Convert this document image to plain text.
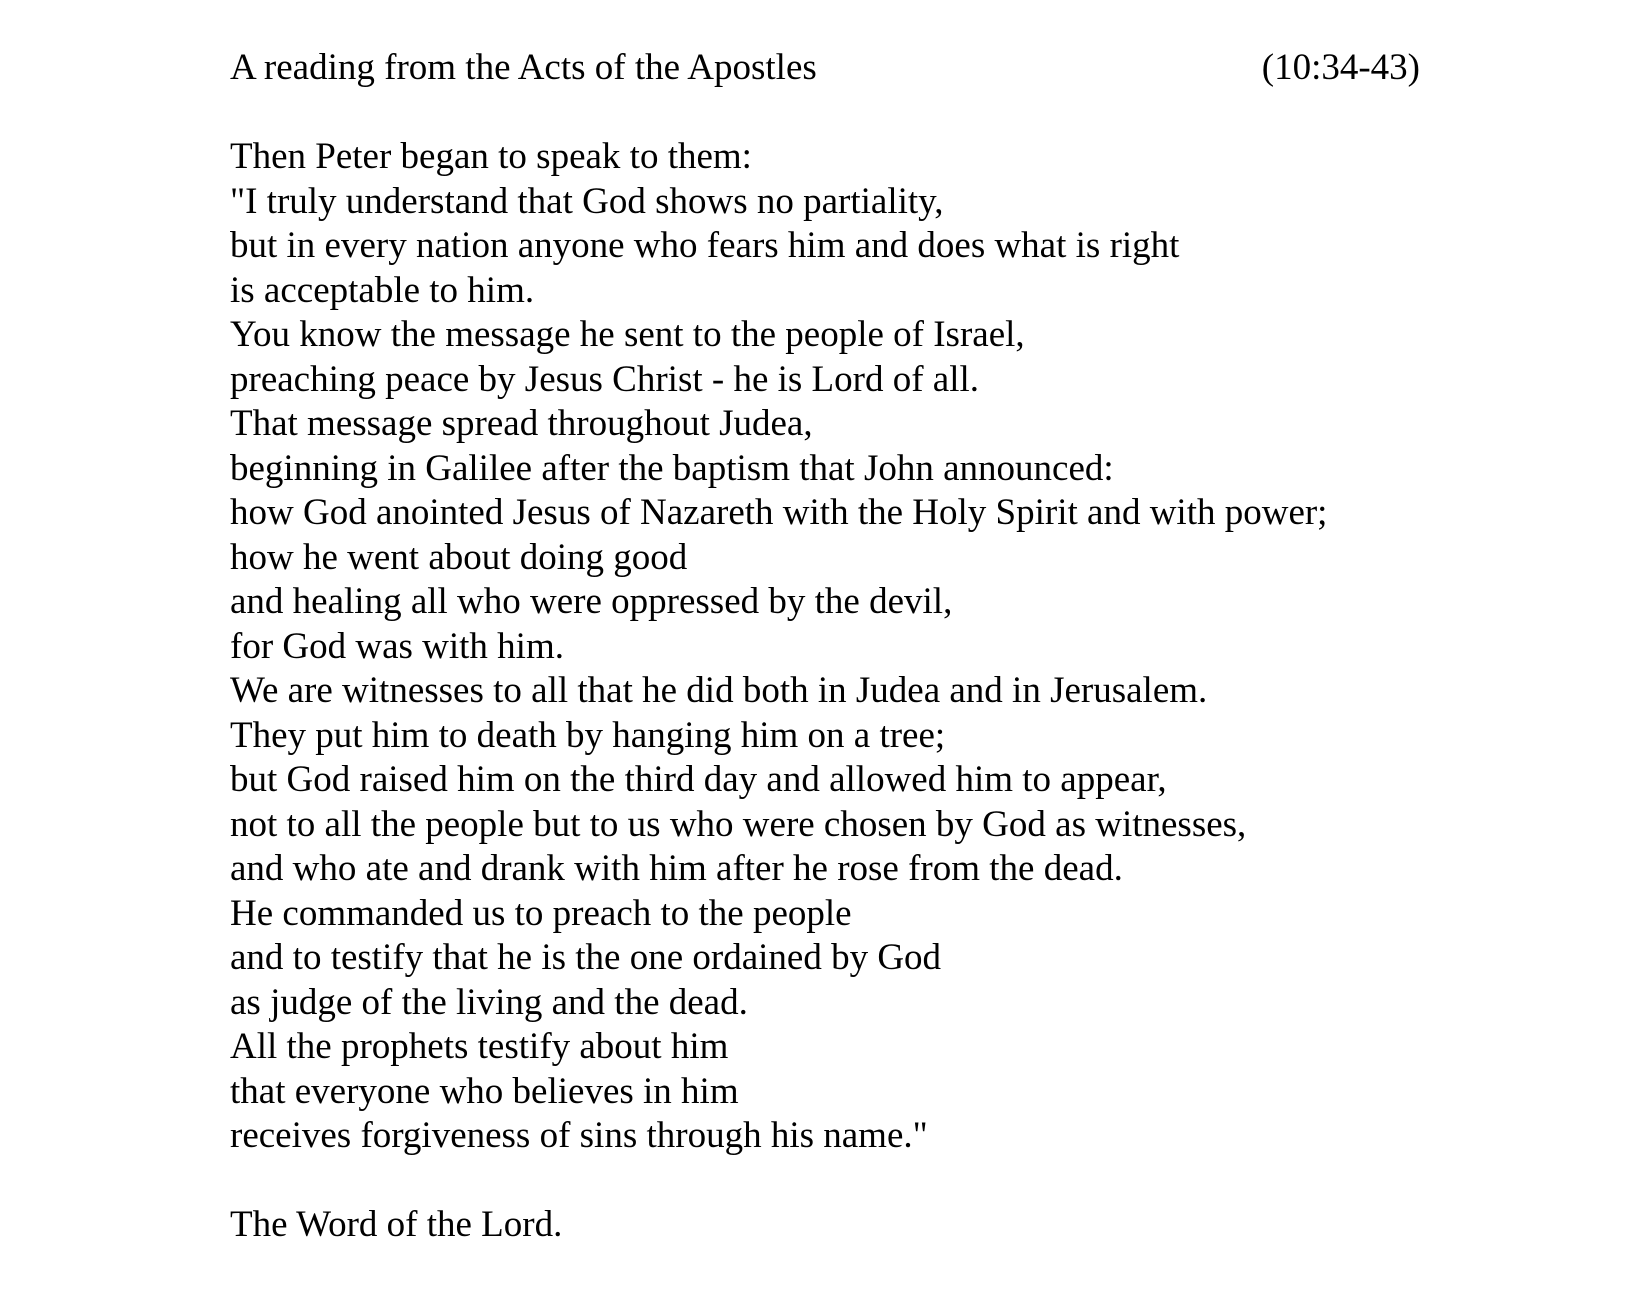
A reading from the Acts of the Apostles	(10:34-43)
Then Peter began to speak to them:
"I truly understand that God shows no partiality,
but in every nation anyone who fears him and does what is right
is acceptable to him.
You know the message he sent to the people of Israel,
preaching peace by Jesus Christ - he is Lord of all.
That message spread throughout Judea,
beginning in Galilee after the baptism that John announced:
how God anointed Jesus of Nazareth with the Holy Spirit and with power;
how he went about doing good
and healing all who were oppressed by the devil,
for God was with him.
We are witnesses to all that he did both in Judea and in Jerusalem.
They put him to death by hanging him on a tree;
but God raised him on the third day and allowed him to appear,
not to all the people but to us who were chosen by God as witnesses,
and who ate and drank with him after he rose from the dead.
He commanded us to preach to the people
and to testify that he is the one ordained by God
as judge of the living and the dead.
All the prophets testify about him
that everyone who believes in him
receives forgiveness of sins through his name."
The Word of the Lord.
